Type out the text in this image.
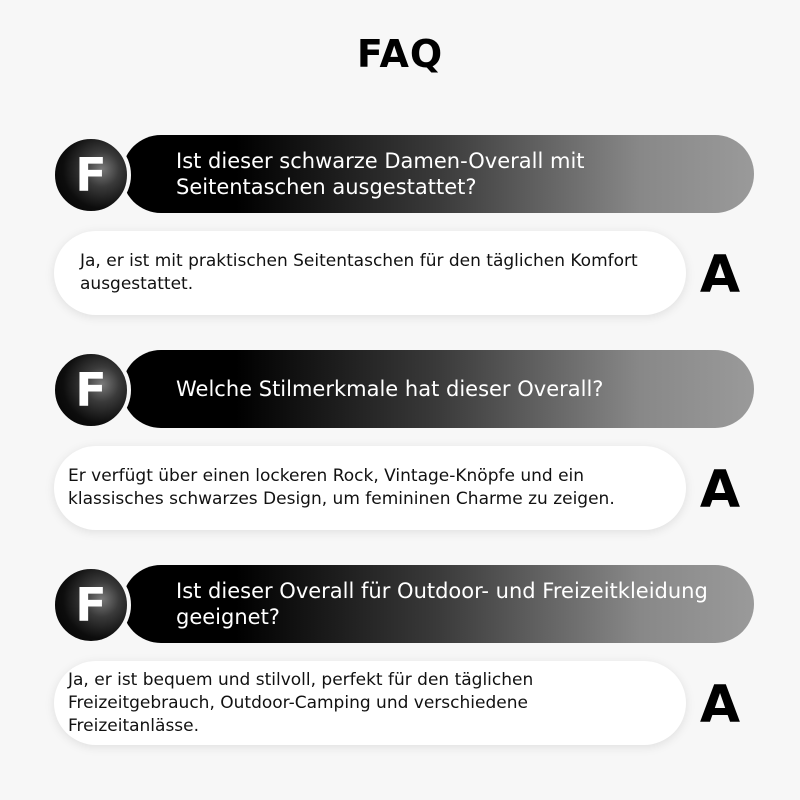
FAQ
F	Ist dieser schwarze Damen-Overall mit Seitentaschen ausgestattet?
Ja, er ist mit praktischen Seitentaschen für den täglichen Komfort ausgestattet.	A
F	Welche Stilmerkmale hat dieser Overall?
Er verfügt über einen lockeren Rock, Vintage-Knöpfe und ein klassisches schwarzes Design, um femininen Charme zu zeigen.	A
F	Ist dieser Overall für Outdoor- und Freizeitkleidung geeignet?
Ja, er ist bequem und stilvoll, perfekt für den täglichen Freizeitgebrauch, Outdoor-Camping und verschiedene Freizeitanlässe.	A
